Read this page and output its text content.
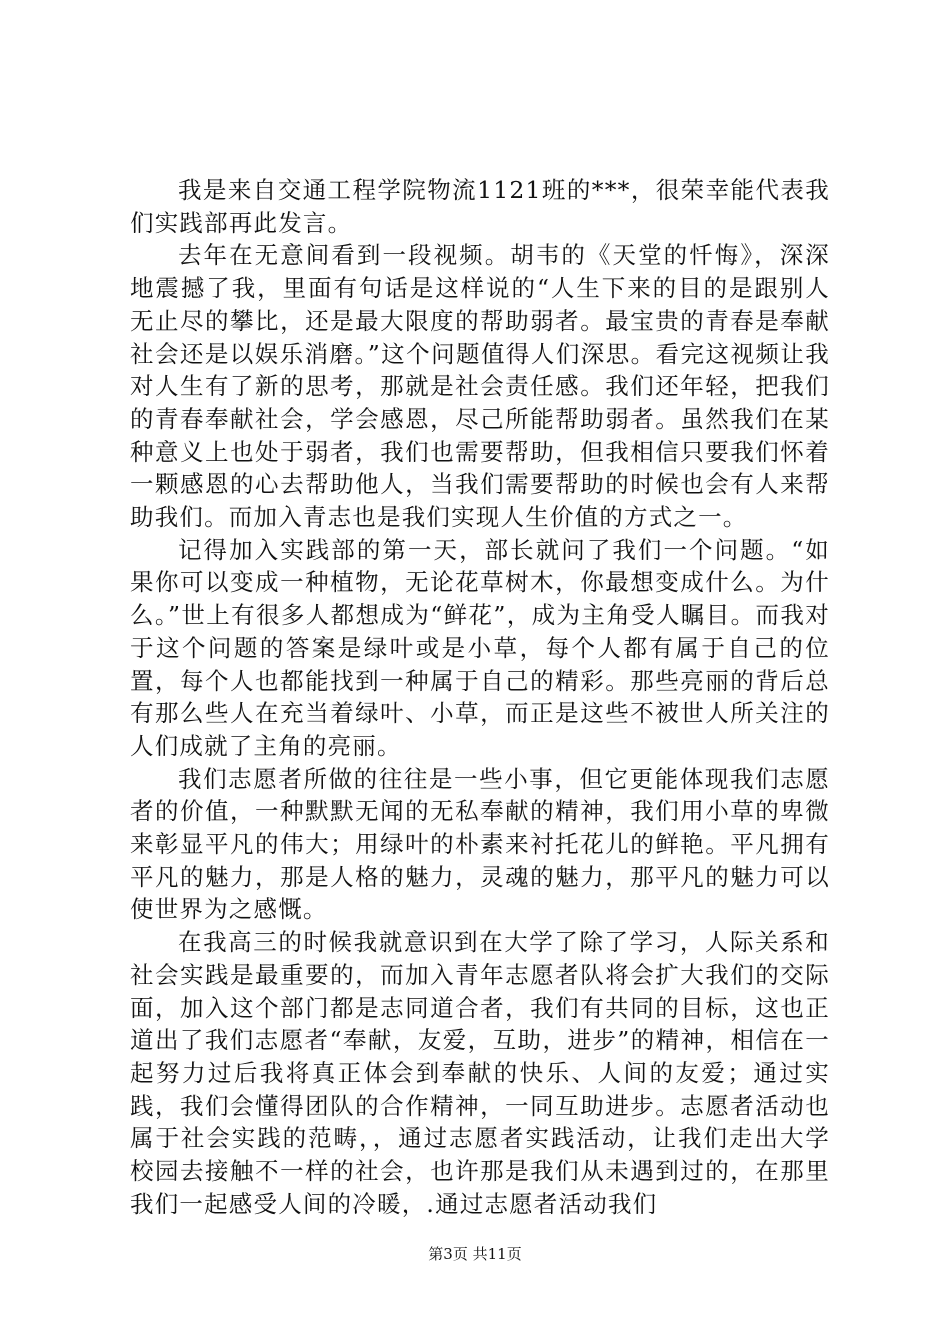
我是来自交通工程学院物流1121班的***，很荣幸能代表我们实践部再此发言。

去年在无意间看到一段视频。胡韦的《天堂的忏悔》，深深地震撼了我，里面有句话是这样说的“人生下来的目的是跟别人无止尽的攀比，还是最大限度的帮助弱者。最宝贵的青春是奉献社会还是以娱乐消磨。”这个问题值得人们深思。看完这视频让我对人生有了新的思考，那就是社会责任感。我们还年轻，把我们的青春奉献社会，学会感恩，尽己所能帮助弱者。虽然我们在某种意义上也处于弱者，我们也需要帮助，但我相信只要我们怀着一颗感恩的心去帮助他人，当我们需要帮助的时候也会有人来帮助我们。而加入青志也是我们实现人生价值的方式之一。

记得加入实践部的第一天，部长就问了我们一个问题。“如果你可以变成一种植物，无论花草树木，你最想变成什么。为什么。”世上有很多人都想成为“鲜花”，成为主角受人瞩目。而我对于这个问题的答案是绿叶或是小草，每个人都有属于自己的位置，每个人也都能找到一种属于自己的精彩。那些亮丽的背后总有那么些人在充当着绿叶、小草，而正是这些不被世人所关注的人们成就了主角的亮丽。

我们志愿者所做的往往是一些小事，但它更能体现我们志愿者的价值，一种默默无闻的无私奉献的精神，我们用小草的卑微来彰显平凡的伟大；用绿叶的朴素来衬托花儿的鲜艳。平凡拥有平凡的魅力，那是人格的魅力，灵魂的魅力，那平凡的魅力可以使世界为之感慨。

在我高三的时候我就意识到在大学了除了学习，人际关系和社会实践是最重要的，而加入青年志愿者队将会扩大我们的交际面，加入这个部门都是志同道合者，我们有共同的目标，这也正道出了我们志愿者“奉献，友爱，互助，进步”的精神，相信在一起努力过后我将真正体会到奉献的快乐、人间的友爱；通过实践，我们会懂得团队的合作精神，一同互助进步。志愿者活动也属于社会实践的范畴，，通过志愿者实践活动，让我们走出大学校园去接触不一样的社会，也许那是我们从未遇到过的，在那里我们一起感受人间的冷暖，.通过志愿者活动我们

第3页 共11页
